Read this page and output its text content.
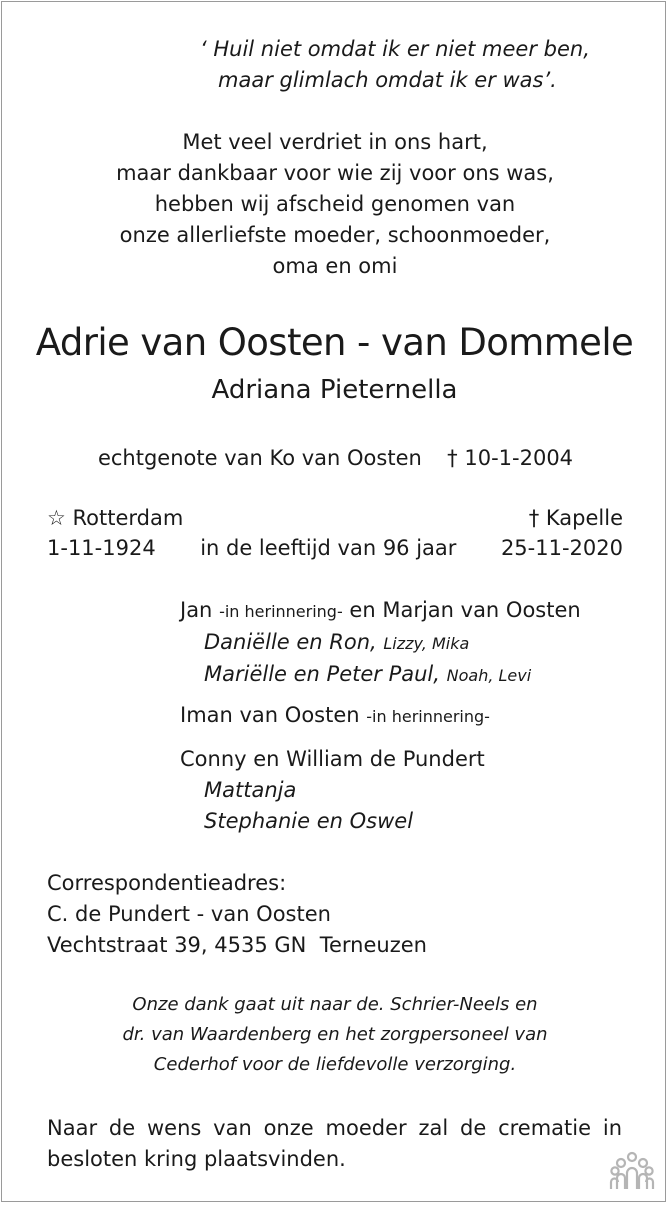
‘ Huil niet omdat ik er niet meer ben,
maar glimlach omdat ik er was’.
Met veel verdriet in ons hart,
maar dankbaar voor wie zij voor ons was,
hebben wij afscheid genomen van
onze allerliefste moeder, schoonmoeder,
oma en omi
Adrie van Oosten - van Dommele
Adriana Pieternella
echtgenote van Ko van Oosten † 10-1-2004
☆ Rotterdam	† Kapelle
1-11-1924 in de leeftijd van 96 jaar 25-11-2020
Jan -in herinnering- en Marjan van Oosten
Daniëlle en Ron, Lizzy, Mika
Mariëlle en Peter Paul, Noah, Levi
Iman van Oosten -in herinnering-
Conny en William de Pundert
Mattanja
Stephanie en Oswel
Correspondentieadres:
C. de Pundert - van Oosten
Vechtstraat 39, 4535 GN  Terneuzen
Onze dank gaat uit naar de. Schrier-Neels en
dr. van Waardenberg en het zorgpersoneel van
Cederhof voor de liefdevolle verzorging.
Naar de wens van onze moeder zal de crematie in
besloten kring plaatsvinden.
